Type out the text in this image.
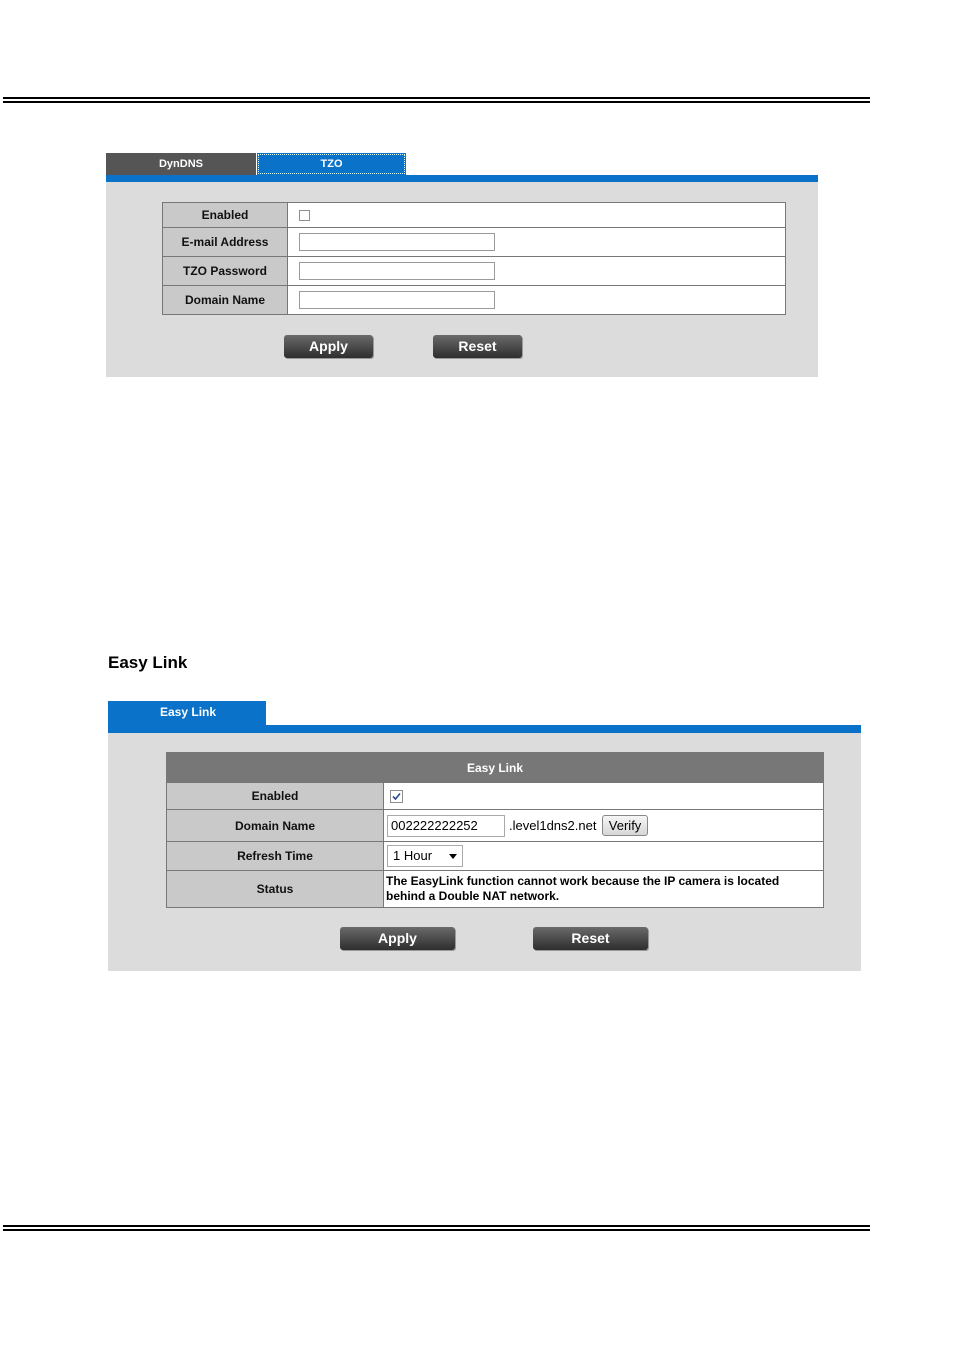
DynDNS	TZO
Enabled	
E-mail Address	
TZO Password	
Domain Name	
Apply	Reset
Easy Link
Easy Link
Easy Link	
Enabled	

Domain Name	002222222252 .level1dns2.net Verify
Refresh Time	1 Hour

Status	The EasyLink function cannot work because the IP camera is located behind a Double NAT network.
Apply	Reset
